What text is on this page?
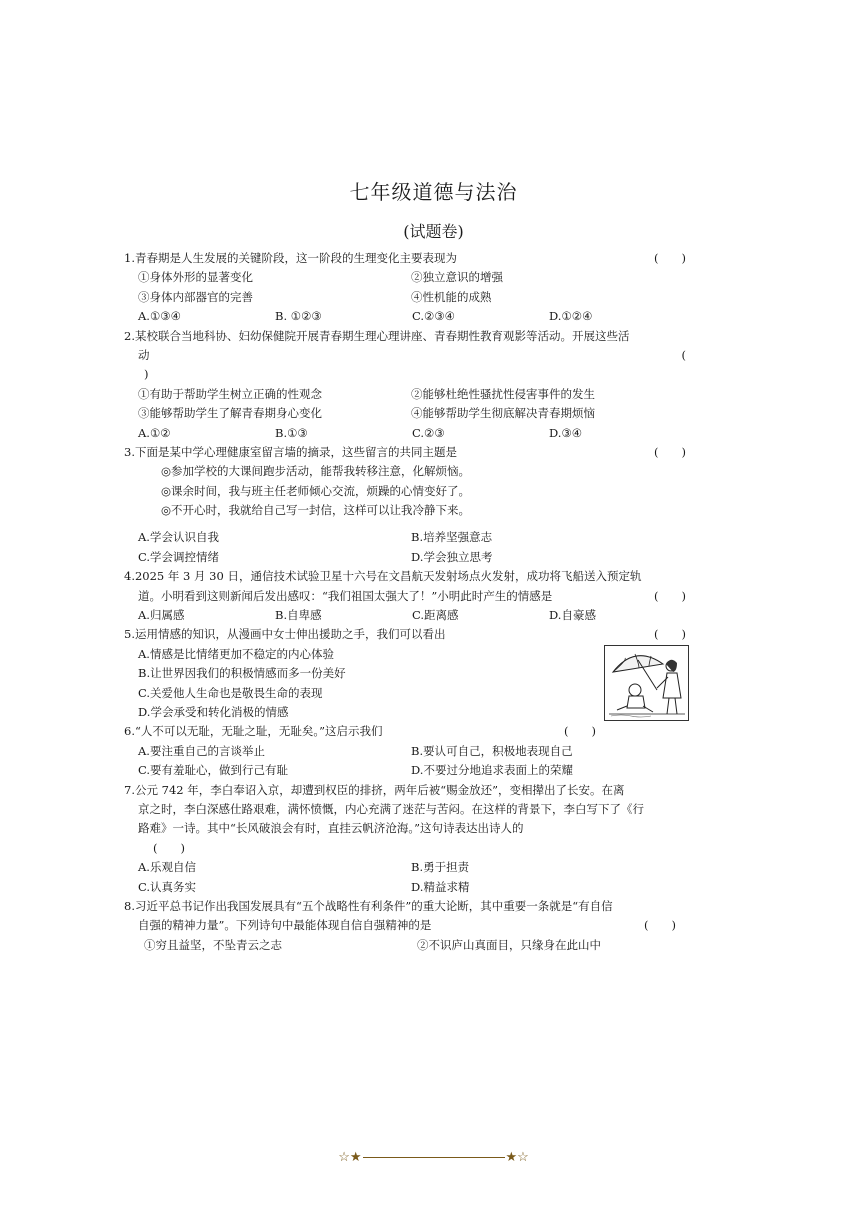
七年级道德与法治
(试题卷)
1.青春期是人生发展的关键阶段，这一阶段的生理变化主要表现为	(　　)
①身体外形的显著变化	②独立意识的增强
③身体内部器官的完善	④性机能的成熟
A.①③④	B. ①②③	C.②③④	D.①②④
2.某校联合当地科协、妇幼保健院开展青春期生理心理讲座、青春期性教育观影等活动。开展这些活
动	(
)
①有助于帮助学生树立正确的性观念	②能够杜绝性骚扰性侵害事件的发生
③能够帮助学生了解青春期身心变化	④能够帮助学生彻底解决青春期烦恼
A.①②	B.①③	C.②③	D.③④
3.下面是某中学心理健康室留言墙的摘录，这些留言的共同主题是	(　　)
◎参加学校的大课间跑步活动，能帮我转移注意，化解烦恼。
◎课余时间，我与班主任老师倾心交流，烦躁的心情变好了。
◎不开心时，我就给自己写一封信，这样可以让我冷静下来。
A.学会认识自我	B.培养坚强意志
C.学会调控情绪	D.学会独立思考
4.2025 年 3 月 30 日，通信技术试验卫星十六号在文昌航天发射场点火发射，成功将飞船送入预定轨
道。小明看到这则新闻后发出感叹：“我们祖国太强大了！”小明此时产生的情感是	(　　)
A.归属感	B.自卑感	C.距离感	D.自豪感
5.运用情感的知识，从漫画中女士伸出援助之手，我们可以看出	(　　)
A.情感是比情绪更加不稳定的内心体验
B.让世界因我们的积极情感而多一份美好
C.关爱他人生命也是敬畏生命的表现
D.学会承受和转化消极的情感
6.“人不可以无耻，无耻之耻，无耻矣。”这启示我们	(　　)
A.要注重自己的言谈举止	B.要认可自己，积极地表现自己
C.要有羞耻心，做到行己有耻	D.不要过分地追求表面上的荣耀
7.公元 742 年，李白奉诏入京，却遭到权臣的排挤，两年后被“赐金放还”，变相撵出了长安。在离
京之时，李白深感仕路艰难，满怀愤慨，内心充满了迷茫与苦闷。在这样的背景下，李白写下了《行
路难》一诗。其中“长风破浪会有时，直挂云帆济沧海。”这句诗表达出诗人的
(　　)
A.乐观自信	B.勇于担责
C.认真务实	D.精益求精
8.习近平总书记作出我国发展具有“五个战略性有利条件”的重大论断，其中重要一条就是“有自信
自强的精神力量”。下列诗句中最能体现自信自强精神的是	(　　)
①穷且益坚，不坠青云之志	②不识庐山真面目，只缘身在此山中
☆★	★☆
